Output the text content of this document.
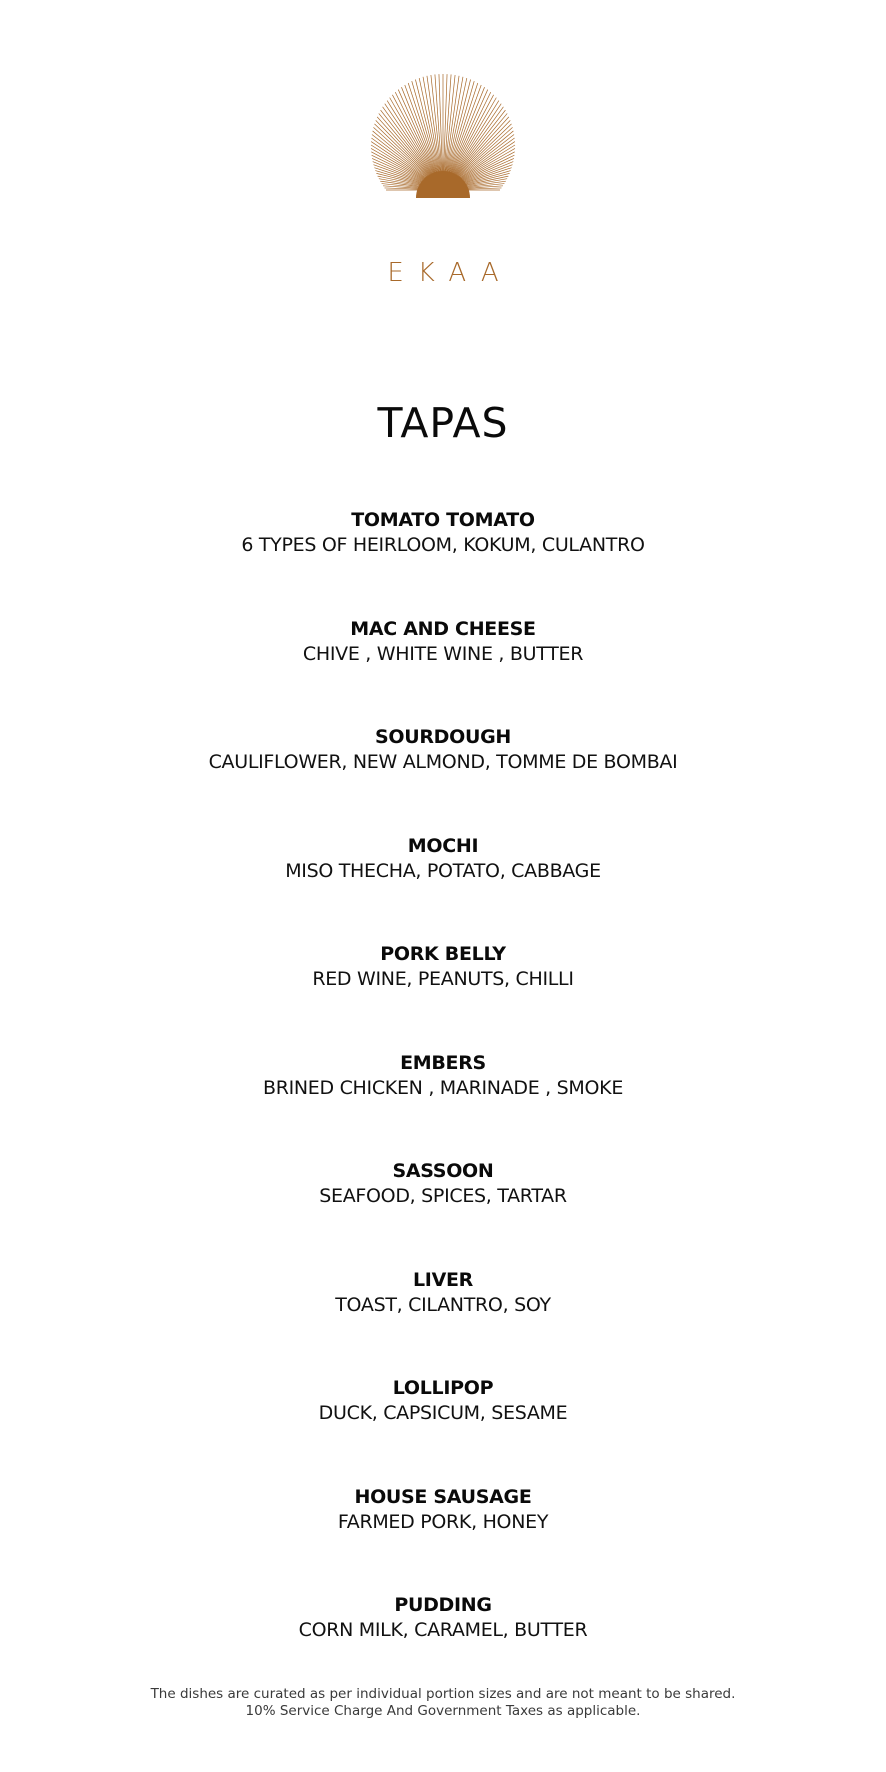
EKAA
TAPAS
TOMATO TOMATO
6 TYPES OF HEIRLOOM, KOKUM, CULANTRO
MAC AND CHEESE
CHIVE , WHITE WINE , BUTTER
SOURDOUGH
CAULIFLOWER, NEW ALMOND, TOMME DE BOMBAI
MOCHI
MISO THECHA, POTATO, CABBAGE
PORK BELLY
RED WINE, PEANUTS, CHILLI
EMBERS
BRINED CHICKEN , MARINADE , SMOKE
SASSOON
SEAFOOD, SPICES, TARTAR
LIVER
TOAST, CILANTRO, SOY
LOLLIPOP
DUCK, CAPSICUM, SESAME
HOUSE SAUSAGE
FARMED PORK, HONEY
PUDDING
CORN MILK, CARAMEL, BUTTER
The dishes are curated as per individual portion sizes and are not meant to be shared.
10% Service Charge And Government Taxes as applicable.
